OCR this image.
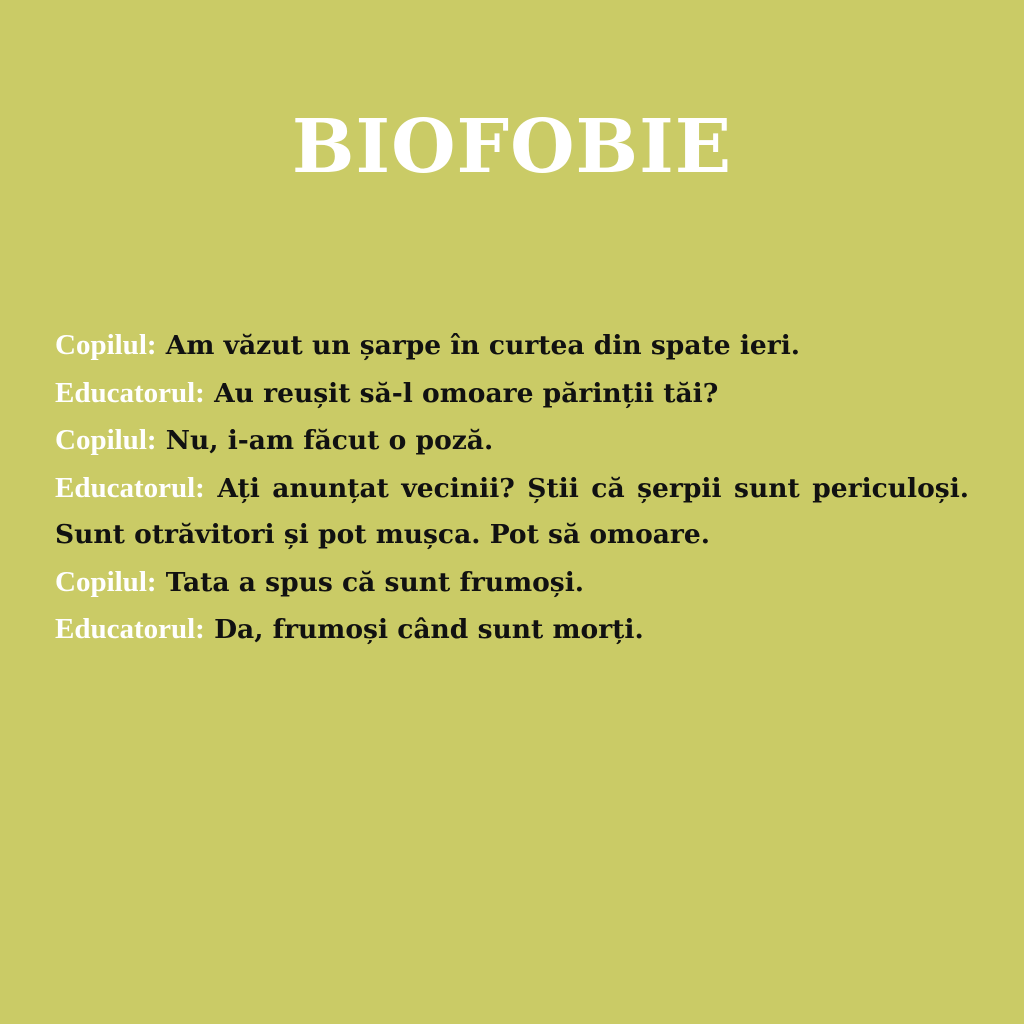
BIOFOBIE

Copilul: Am văzut un șarpe în curtea din spate ieri.

Educatorul: Au reușit să-l omoare părinții tăi?

Copilul: Nu, i-am făcut o poză.

Educatorul: Ați anunțat vecinii? Știi că șerpii sunt periculoși. Sunt otrăvitori și pot mușca. Pot să omoare.

Copilul: Tata a spus că sunt frumoși.

Educatorul: Da, frumoși când sunt morți.
